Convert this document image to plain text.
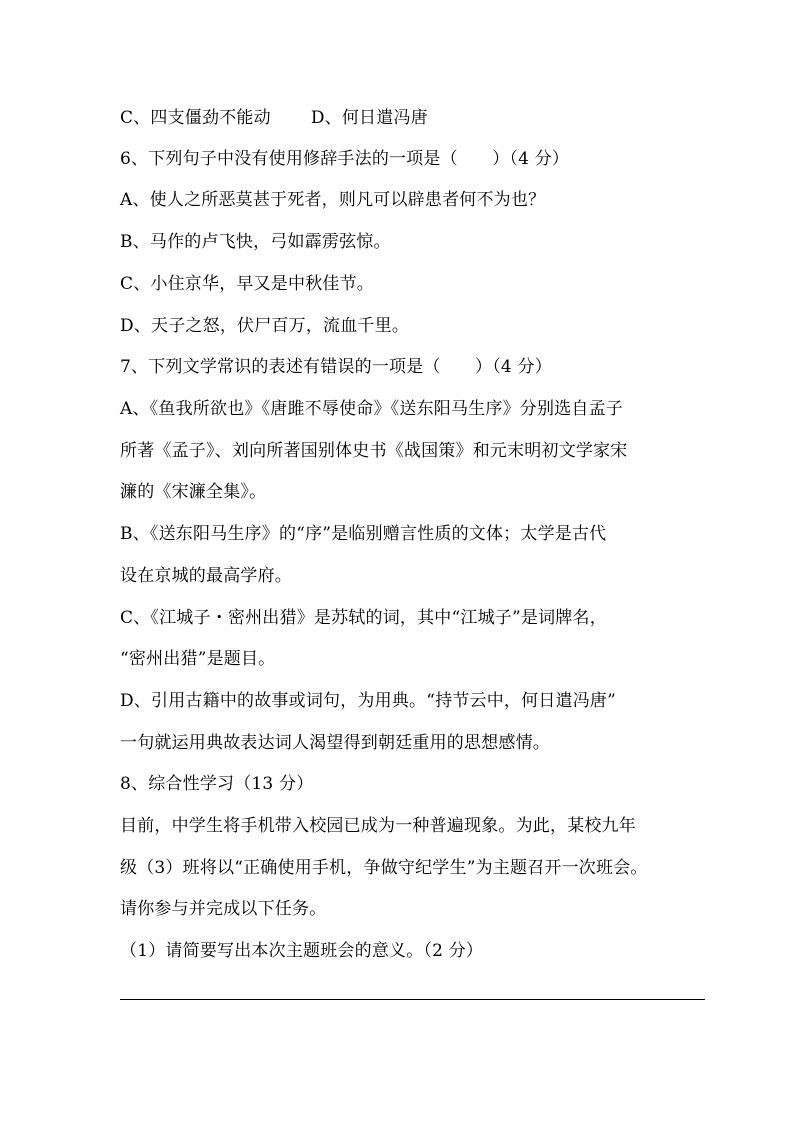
C、四支僵劲不能动 D、何日遣冯唐
6、下列句子中没有使用修辞手法的一项是（　　）（4 分）
A、使人之所恶莫甚于死者，则凡可以辟患者何不为也？
B、马作的卢飞快，弓如霹雳弦惊。
C、小住京华，早又是中秋佳节。
D、天子之怒，伏尸百万，流血千里。
7、下列文学常识的表述有错误的一项是（　　）（4 分）
A、《鱼我所欲也》《唐雎不辱使命》《送东阳马生序》分别选自孟子
所著《孟子》、刘向所著国别体史书《战国策》和元末明初文学家宋
濂的《宋濂全集》。
B、《送东阳马生序》的“序”是临别赠言性质的文体；太学是古代
设在京城的最高学府。
C、《江城子・密州出猎》是苏轼的词，其中“江城子”是词牌名，
“密州出猎”是题目。
D、引用古籍中的故事或词句，为用典。“持节云中，何日遣冯唐”
一句就运用典故表达词人渴望得到朝廷重用的思想感情。
8、综合性学习（13 分）
目前，中学生将手机带入校园已成为一种普遍现象。为此，某校九年
级（3）班将以“正确使用手机，争做守纪学生”为主题召开一次班会。
请你参与并完成以下任务。
（1）请简要写出本次主题班会的意义。（2 分）
